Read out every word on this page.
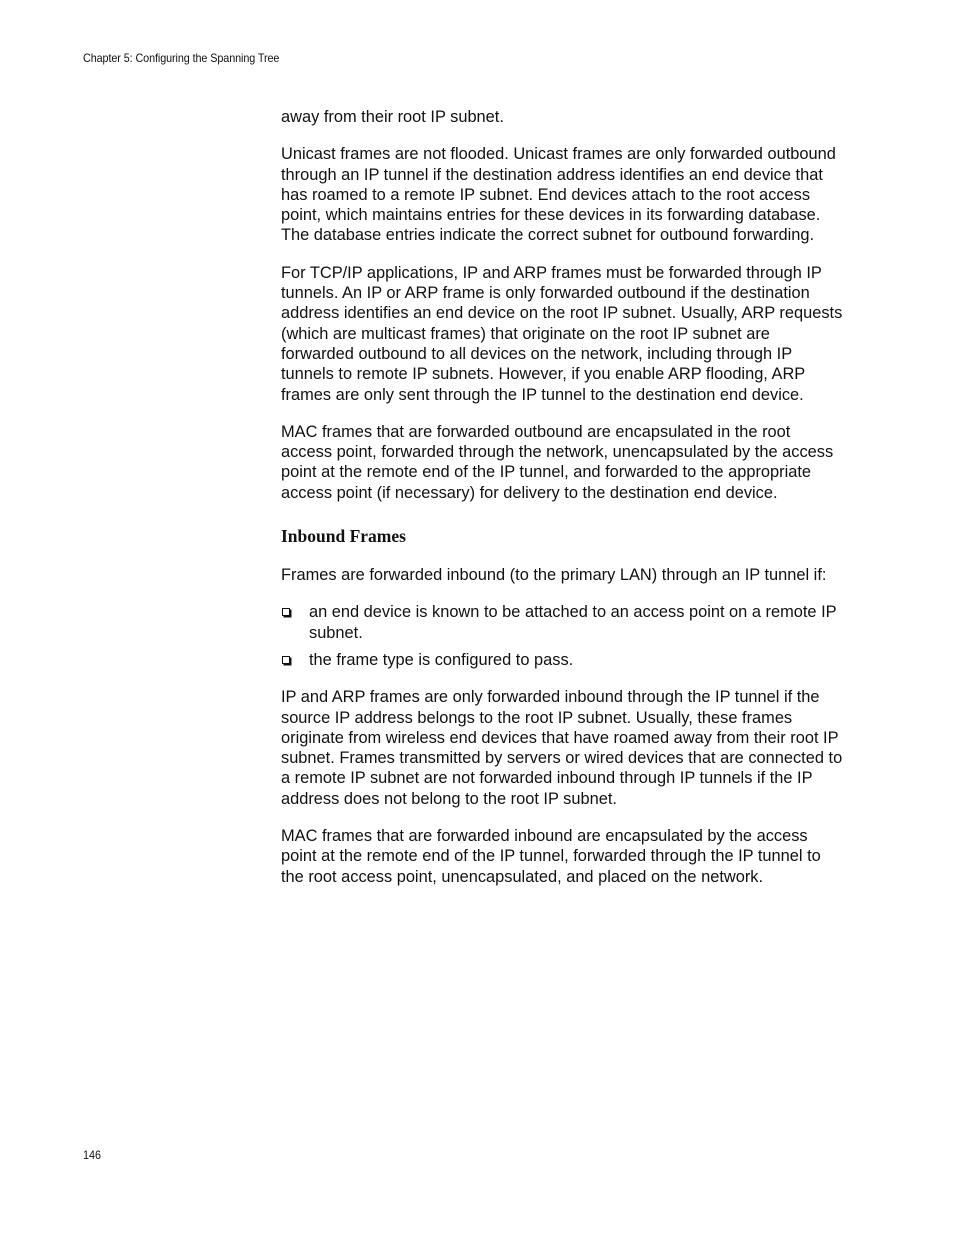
Chapter 5: Configuring the Spanning Tree

away from their root IP subnet.

Unicast frames are not flooded. Unicast frames are only forwarded outbound through an IP tunnel if the destination address identifies an end device that has roamed to a remote IP subnet. End devices attach to the root access point, which maintains entries for these devices in its forwarding database. The database entries indicate the correct subnet for outbound forwarding.

For TCP/IP applications, IP and ARP frames must be forwarded through IP tunnels. An IP or ARP frame is only forwarded outbound if the destination address identifies an end device on the root IP subnet. Usually, ARP requests (which are multicast frames) that originate on the root IP subnet are forwarded outbound to all devices on the network, including through IP tunnels to remote IP subnets. However, if you enable ARP flooding, ARP frames are only sent through the IP tunnel to the destination end device.

MAC frames that are forwarded outbound are encapsulated in the root access point, forwarded through the network, unencapsulated by the access point at the remote end of the IP tunnel, and forwarded to the appropriate access point (if necessary) for delivery to the destination end device.

Inbound Frames

Frames are forwarded inbound (to the primary LAN) through an IP tunnel if:

an end device is known to be attached to an access point on a remote IP subnet.
the frame type is configured to pass.

IP and ARP frames are only forwarded inbound through the IP tunnel if the source IP address belongs to the root IP subnet. Usually, these frames originate from wireless end devices that have roamed away from their root IP subnet. Frames transmitted by servers or wired devices that are connected to a remote IP subnet are not forwarded inbound through IP tunnels if the IP address does not belong to the root IP subnet.

MAC frames that are forwarded inbound are encapsulated by the access point at the remote end of the IP tunnel, forwarded through the IP tunnel to the root access point, unencapsulated, and placed on the network.

146
